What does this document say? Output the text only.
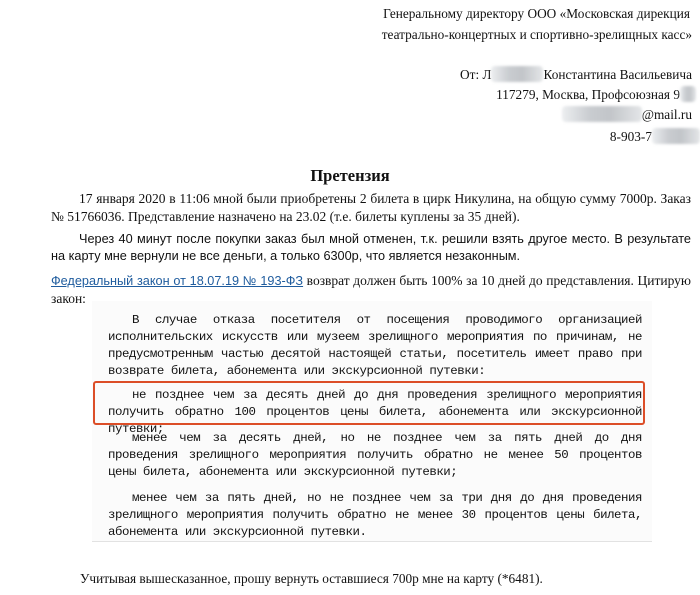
Генеральному директору ООО «Московская дирекция
театрально-концертных и спортивно-зрелищных касс»
От: Л	Константина Васильевича
117279, Москва, Профсоюзная 9
@mail.ru
8-903-7
Претензия
17 января 2020 в 11:06 мной были приобретены 2 билета в цирк Никулина, на общую сумму 7000р. Заказ № 51766036. Представление назначено на 23.02 (т.е. билеты куплены за 35 дней).
Через 40 минут после покупки заказ был мной отменен, т.к. решили взять другое место. В результате на карту мне вернули не все деньги, а только 6300р, что является незаконным.
Федеральный закон от 18.07.19 № 193-ФЗ возврат должен быть 100% за 10 дней до представления. Цитирую закон:
В случае отказа посетителя от посещения проводимого организацией исполнительских искусств или музеем зрелищного мероприятия по причинам, не предусмотренным частью десятой настоящей статьи, посетитель имеет право при возврате билета, абонемента или экскурсионной путевки:
не позднее чем за десять дней до дня проведения зрелищного мероприятия получить обратно 100 процентов цены билета, абонемента или экскурсионной путевки;
менее чем за десять дней, но не позднее чем за пять дней до дня проведения зрелищного мероприятия получить обратно не менее 50 процентов цены билета, абонемента или экскурсионной путевки;
менее чем за пять дней, но не позднее чем за три дня до дня проведения зрелищного мероприятия получить обратно не менее 30 процентов цены билета, абонемента или экскурсионной путевки.
Учитывая вышесказанное, прошу вернуть оставшиеся 700р мне на карту (*6481).
